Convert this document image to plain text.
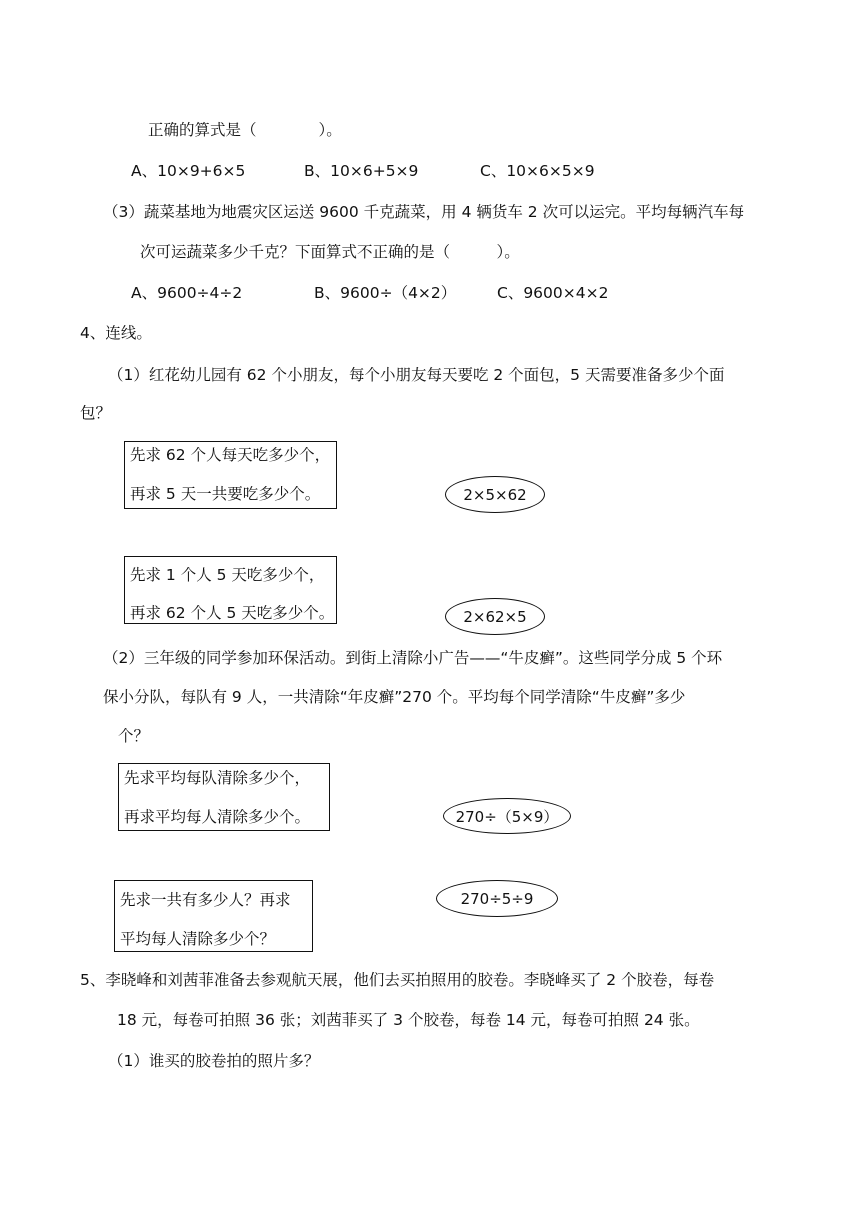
正确的算式是（　　　　）。
A、10×9+6×5	B、10×6+5×9	C、10×6×5×9
（3）蔬菜基地为地震灾区运送 9600 千克蔬菜，用 4 辆货车 2 次可以运完。平均每辆汽车每
次可运蔬菜多少千克？下面算式不正确的是（　　　）。
A、9600÷4÷2	B、9600÷（4×2）	C、9600×4×2
4、连线。
（1）红花幼儿园有 62 个小朋友，每个小朋友每天要吃 2 个面包，5 天需要准备多少个面
包？
先求 62 个人每天吃多少个，
再求 5 天一共要吃多少个。	2×5×62
先求 1 个人 5 天吃多少个，
再求 62 个人 5 天吃多少个。	2×62×5
（2）三年级的同学参加环保活动。到街上清除小广告——“牛皮癣”。这些同学分成 5 个环
保小分队，每队有 9 人，一共清除“年皮癣”270 个。平均每个同学清除“牛皮癣”多少
个？
先求平均每队清除多少个，
再求平均每人清除多少个。	270÷（5×9）
先求一共有多少人？再求
平均每人清除多少个？
270÷5÷9
5、李晓峰和刘茜菲准备去参观航天展，他们去买拍照用的胶卷。李晓峰买了 2 个胶卷，每卷
18 元，每卷可拍照 36 张；刘茜菲买了 3 个胶卷，每卷 14 元，每卷可拍照 24 张。
（1）谁买的胶卷拍的照片多？
